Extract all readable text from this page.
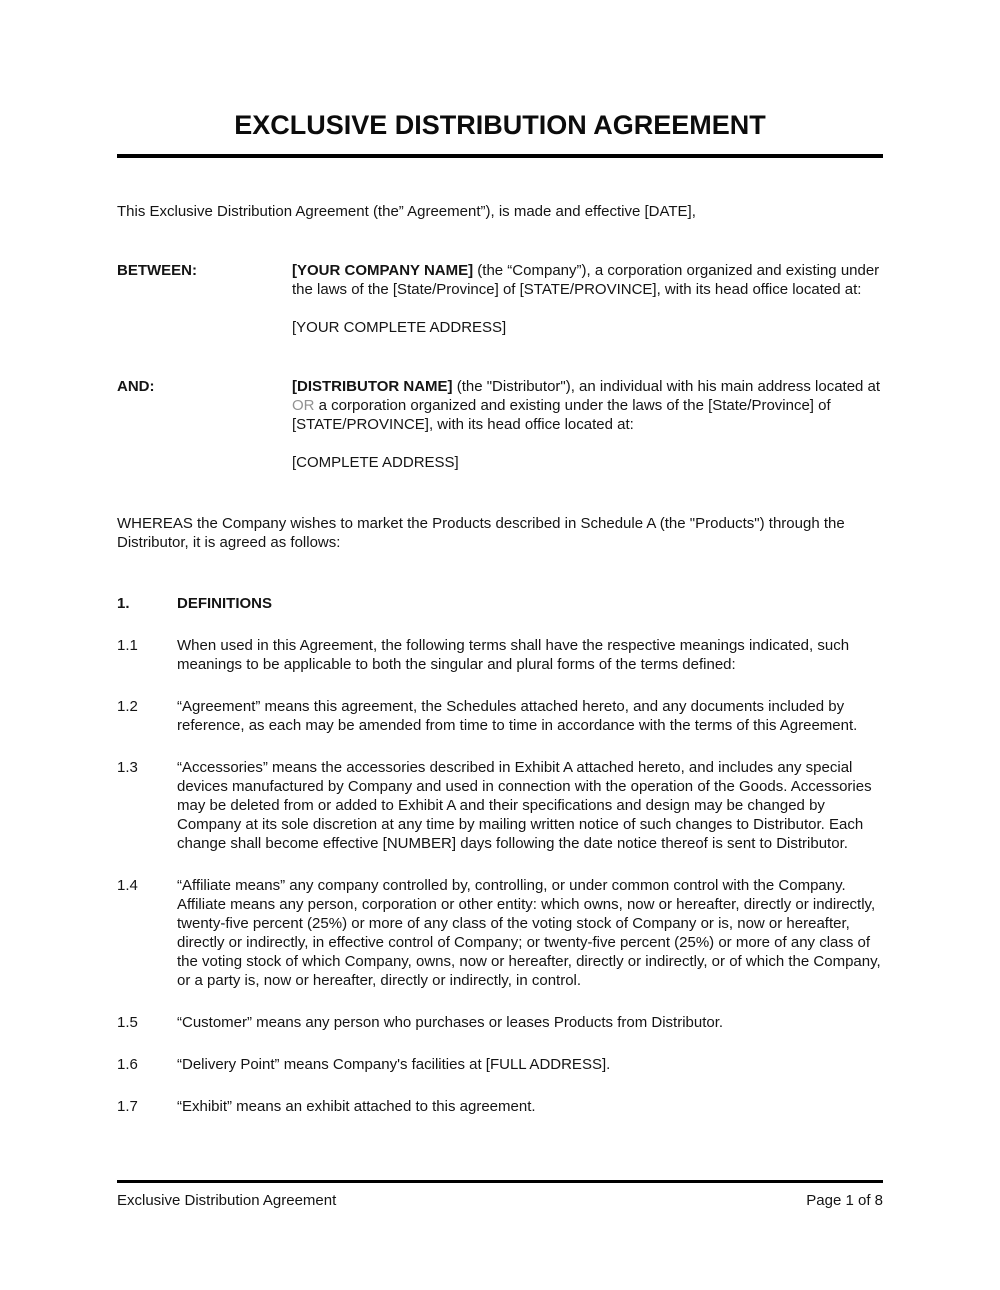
EXCLUSIVE DISTRIBUTION AGREEMENT

This Exclusive Distribution Agreement (the” Agreement”), is made and effective [DATE],

BETWEEN:	[YOUR COMPANY NAME] (the “Company”), a corporation organized and existing under the laws of the [State/Province] of [STATE/PROVINCE], with its head office located at:

[YOUR COMPLETE ADDRESS]

AND:	[DISTRIBUTOR NAME] (the "Distributor"), an individual with his main address located at OR a corporation organized and existing under the laws of the [State/Province] of [STATE/PROVINCE], with its head office located at:

[COMPLETE ADDRESS]

WHEREAS the Company wishes to market the Products described in Schedule A (the "Products") through the Distributor, it is agreed as follows:

1.	DEFINITIONS
1.1	When used in this Agreement, the following terms shall have the respective meanings indicated, such meanings to be applicable to both the singular and plural forms of the terms defined:
1.2	“Agreement” means this agreement, the Schedules attached hereto, and any documents included by reference, as each may be amended from time to time in accordance with the terms of this Agreement.
1.3	“Accessories” means the accessories described in Exhibit A attached hereto, and includes any special devices manufactured by Company and used in connection with the operation of the Goods. Accessories may be deleted from or added to Exhibit A and their specifications and design may be changed by Company at its sole discretion at any time by mailing written notice of such changes to Distributor. Each change shall become effective [NUMBER] days following the date notice thereof is sent to Distributor.
1.4	“Affiliate means” any company controlled by, controlling, or under common control with the Company. Affiliate means any person, corporation or other entity: which owns, now or hereafter, directly or indirectly, twenty-five percent (25%) or more of any class of the voting stock of Company or is, now or hereafter, directly or indirectly, in effective control of Company; or twenty-five percent (25%) or more of any class of the voting stock of which Company, owns, now or hereafter, directly or indirectly, or of which the Company, or a party is, now or hereafter, directly or indirectly, in control.
1.5	“Customer” means any person who purchases or leases Products from Distributor.
1.6	“Delivery Point” means Company's facilities at [FULL ADDRESS].
1.7	“Exhibit” means an exhibit attached to this agreement.
Exclusive Distribution Agreement	Page 1 of 8
